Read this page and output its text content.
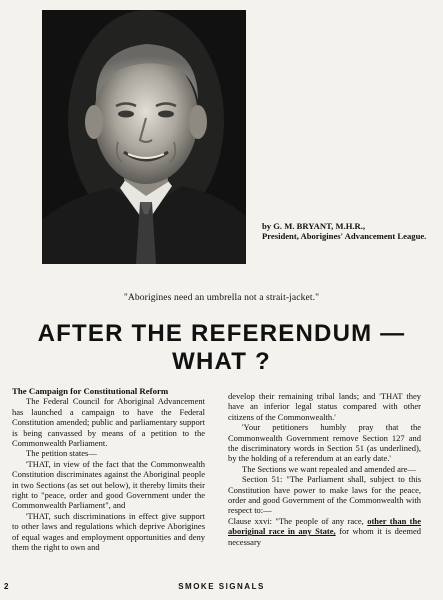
by G. M. BRYANT, M.H.R.,
President, Aborigines' Advancement League.
"Aborigines need an umbrella not a strait-jacket."
AFTER THE REFERENDUM — WHAT ?

The Campaign for Constitutional Reform

The Federal Council for Aboriginal Advancement has launched a campaign to have the Federal Constitution amended; public and parliamentary support is being canvassed by means of a petition to the Commonwealth Parliament.

The petition states—

'THAT, in view of the fact that the Commonwealth Constitution discriminates against the Aboriginal people in two Sections (as set out below), it thereby limits their right to "peace, order and good Government under the Commonwealth Parliament", and

'THAT, such discriminations in effect give support to other laws and regulations which deprive Aborigines of equal wages and employment opportunities and deny them the right to own and

develop their remaining tribal lands; and 'THAT they have an inferior legal status compared with other citizens of the Commonwealth.'

'Your petitioners humbly pray that the Commonwealth Government remove Section 127 and the discriminatory words in Section 51 (as underlined), by the holding of a referendum at an early date.'

The Sections we want repealed and amended are—

Section 51: "The Parliament shall, subject to this Constitution have power to make laws for the peace, order and good Government of the Commonwealth with respect to:—

Clause xxvi: "The people of any race, other than the aboriginal race in any State, for whom it is deemed necessary

2	SMOKE SIGNALS
